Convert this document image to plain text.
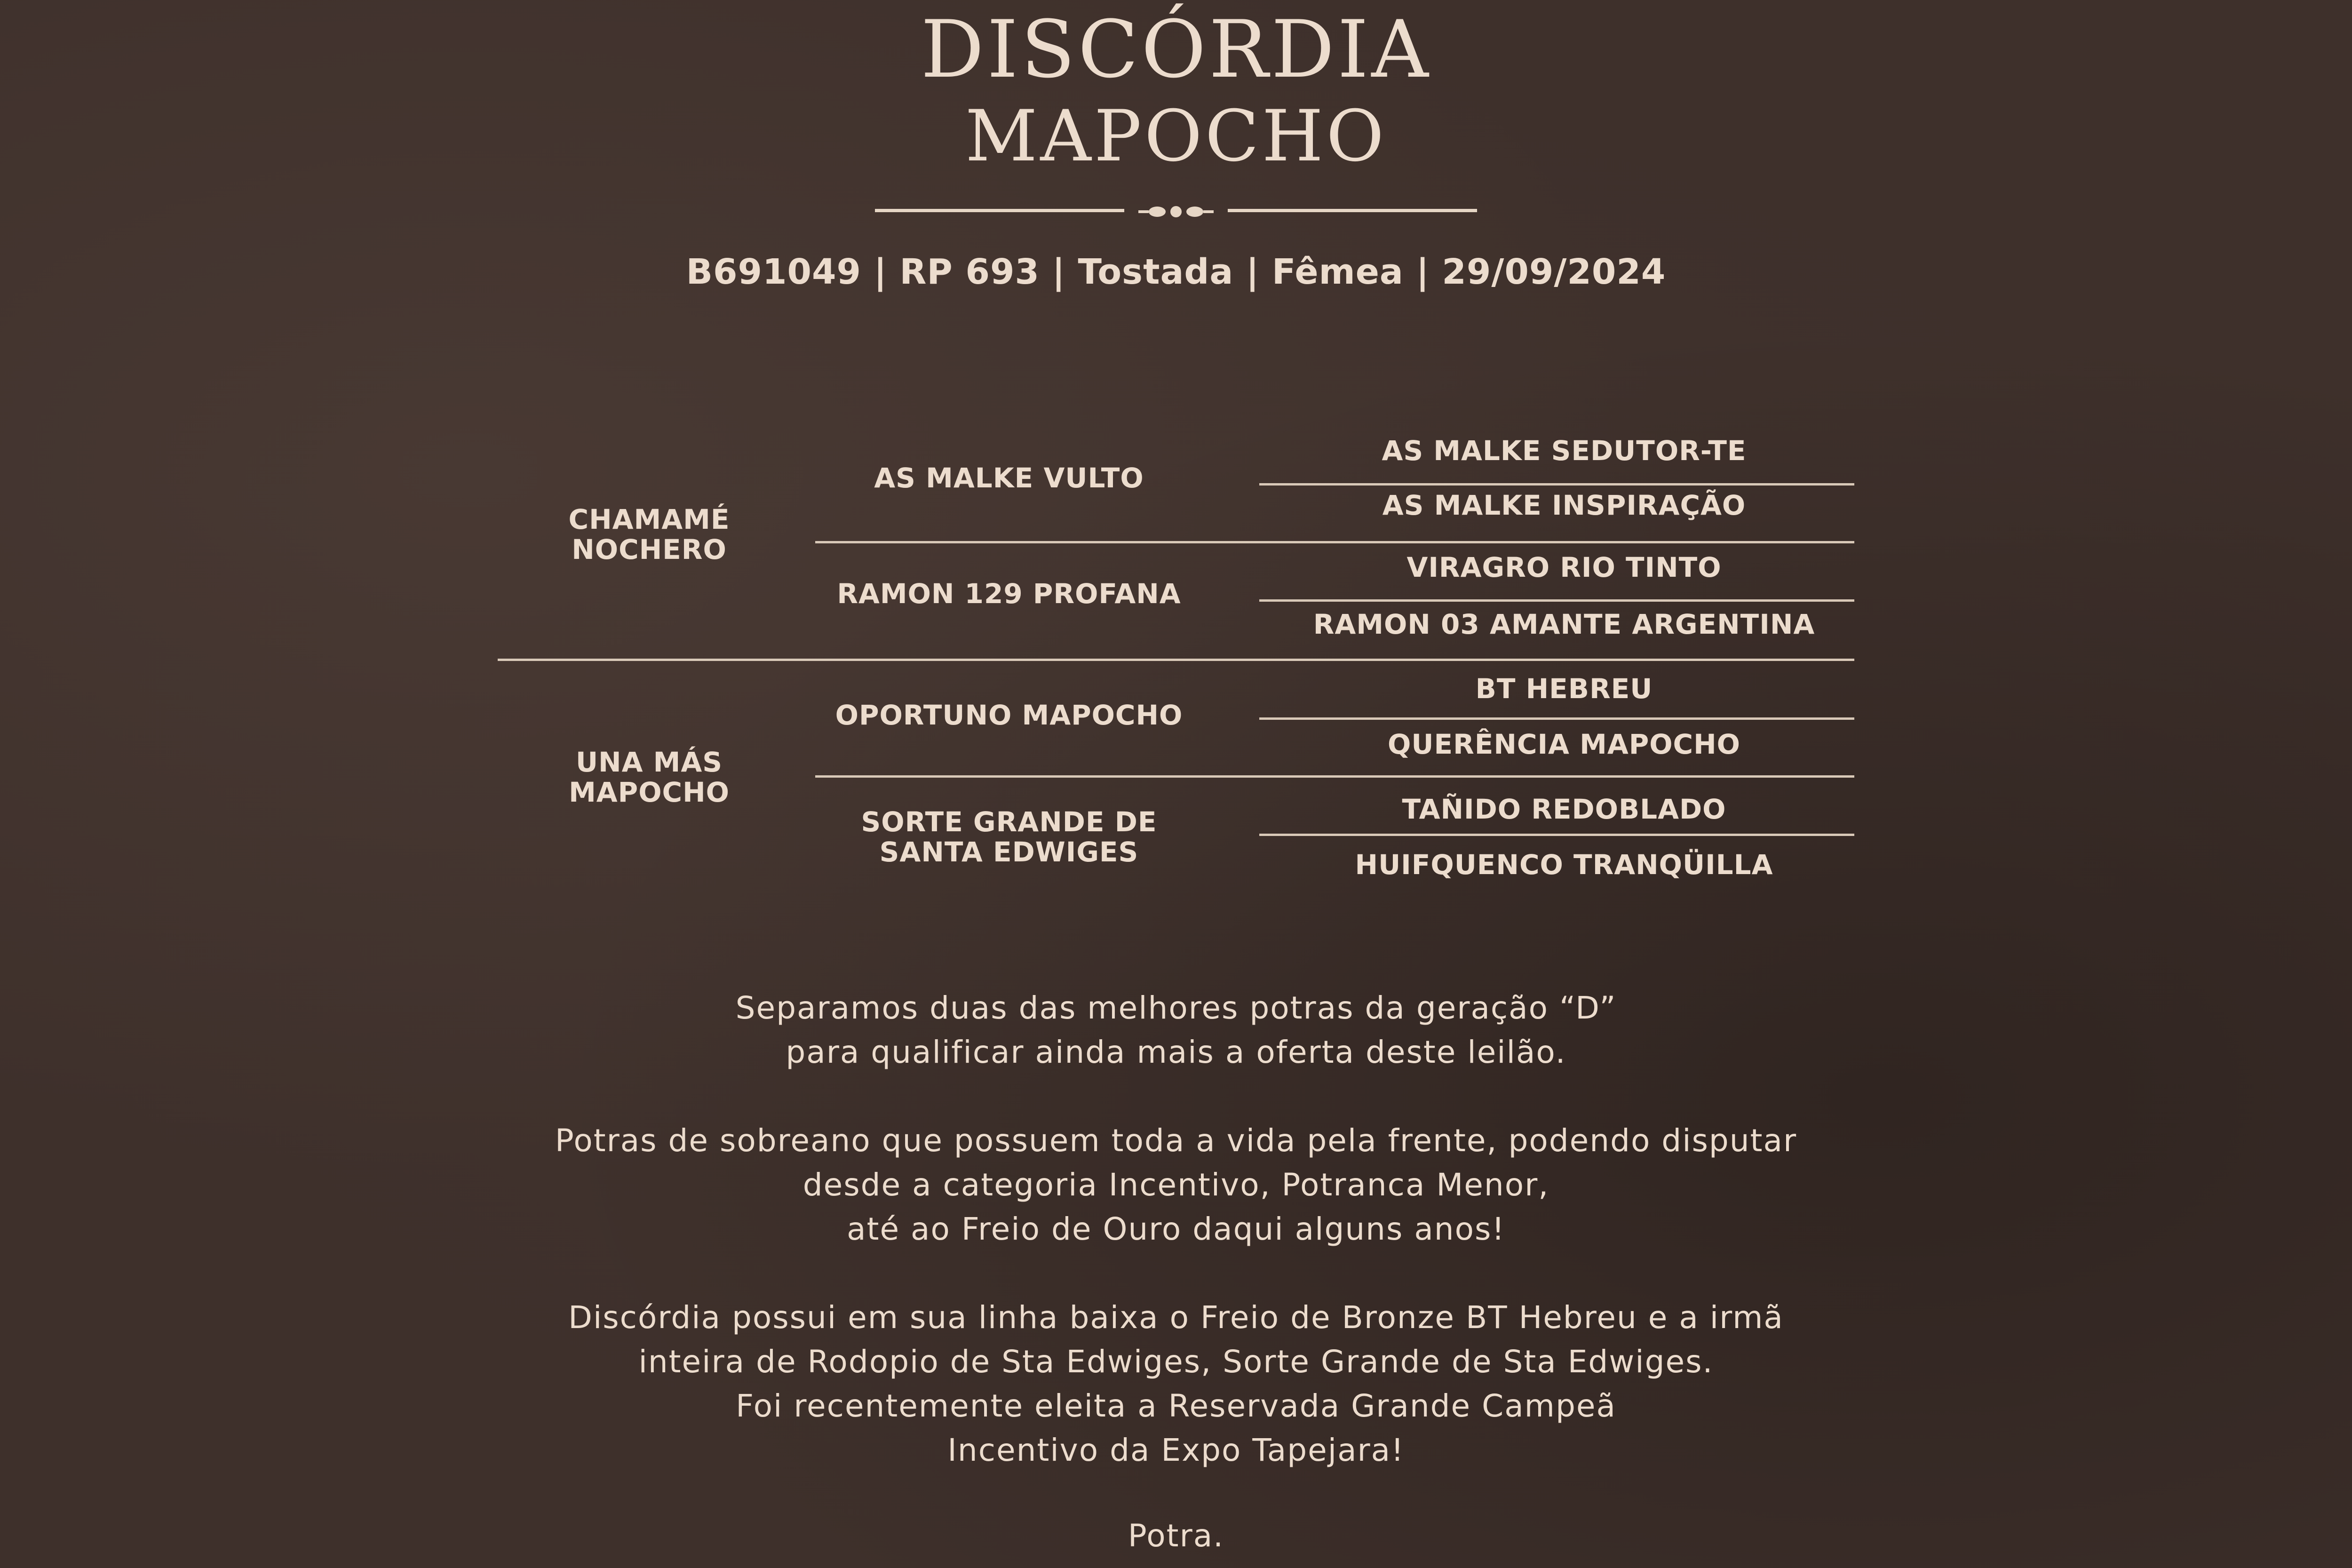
DISCÓRDIA
MAPOCHO
B691049 | RP 693 | Tostada | Fêmea | 29/09/2024
CHAMAMÉ
NOCHERO
UNA MÁS
MAPOCHO
AS MALKE VULTO
RAMON 129 PROFANA
OPORTUNO MAPOCHO
SORTE GRANDE DE
SANTA EDWIGES
AS MALKE SEDUTOR-TE
AS MALKE INSPIRAÇÃO
VIRAGRO RIO TINTO
RAMON 03 AMANTE ARGENTINA
BT HEBREU
QUERÊNCIA MAPOCHO
TAÑIDO REDOBLADO
HUIFQUENCO TRANQÜILLA
Separamos duas das melhores potras da geração “D”
para qualificar ainda mais a oferta deste leilão.
Potras de sobreano que possuem toda a vida pela frente, podendo disputar
desde a categoria Incentivo, Potranca Menor,
até ao Freio de Ouro daqui alguns anos!
Discórdia possui em sua linha baixa o Freio de Bronze BT Hebreu e a irmã
inteira de Rodopio de Sta Edwiges, Sorte Grande de Sta Edwiges.
Foi recentemente eleita a Reservada Grande Campeã
Incentivo da Expo Tapejara!
Potra.
